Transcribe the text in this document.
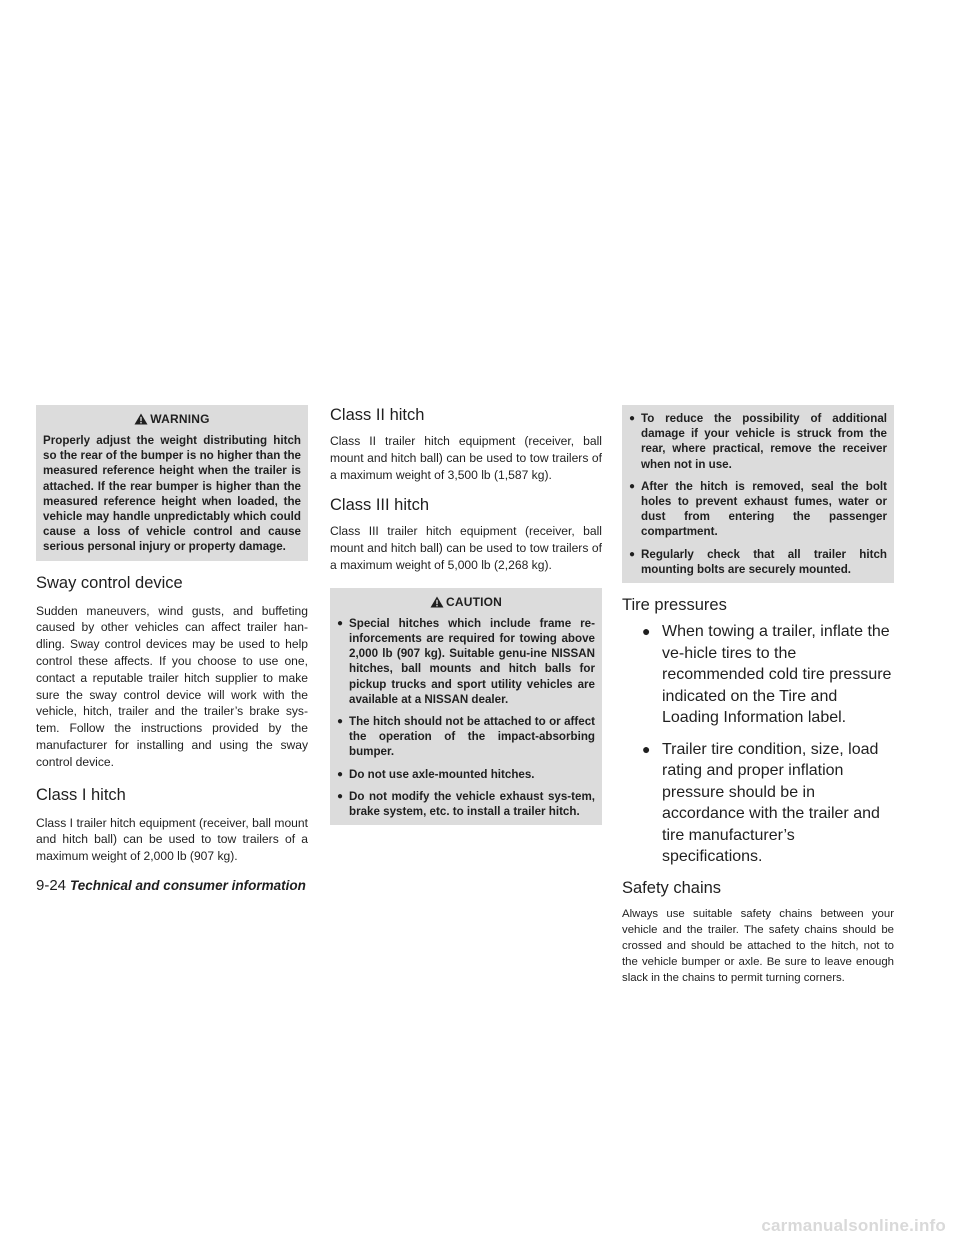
WARNING
Properly adjust the weight distributing hitch so the rear of the bumper is no higher than the measured reference height when the trailer is attached. If the rear bumper is higher than the measured reference height when loaded, the vehicle may handle unpredictably which could cause a loss of vehicle control and cause serious personal injury or property damage.
Sway control device

Sudden maneuvers, wind gusts, and buffeting caused by other vehicles can affect trailer han-dling. Sway control devices may be used to help control these affects. If you choose to use one, contact a reputable trailer hitch supplier to make sure the sway control device will work with the vehicle, hitch, trailer and the trailer’s brake sys-tem. Follow the instructions provided by the manufacturer for installing and using the sway control device.

Class I hitch

Class I trailer hitch equipment (receiver, ball mount and hitch ball) can be used to tow trailers of a maximum weight of 2,000 lb (907 kg).

Class II hitch

Class II trailer hitch equipment (receiver, ball mount and hitch ball) can be used to tow trailers of a maximum weight of 3,500 lb (1,587 kg).

Class III hitch

Class III trailer hitch equipment (receiver, ball mount and hitch ball) can be used to tow trailers of a maximum weight of 5,000 lb (2,268 kg).

CAUTION
● Special hitches which include frame re-inforcements are required for towing above 2,000 lb (907 kg). Suitable genu-ine NISSAN hitches, ball mounts and hitch balls for pickup trucks and sport utility vehicles are available at a NISSAN dealer.
● The hitch should not be attached to or affect the operation of the impact-absorbing bumper.
● Do not use axle-mounted hitches.
● Do not modify the vehicle exhaust sys-tem, brake system, etc. to install a trailer hitch.
● To reduce the possibility of additional damage if your vehicle is struck from the rear, where practical, remove the receiver when not in use.
● After the hitch is removed, seal the bolt holes to prevent exhaust fumes, water or dust from entering the passenger compartment.
● Regularly check that all trailer hitch mounting bolts are securely mounted.
Tire pressures
● When towing a trailer, inflate the ve-hicle tires to the recommended cold tire pressure indicated on the Tire and Loading Information label.
● Trailer tire condition, size, load rating and proper inflation pressure should be in accordance with the trailer and tire manufacturer’s specifications.
Safety chains

Always use suitable safety chains between your vehicle and the trailer. The safety chains should be crossed and should be attached to the hitch, not to the vehicle bumper or axle. Be sure to leave enough slack in the chains to permit turning corners.

9-24 Technical and consumer information
carmanualsonline.info
